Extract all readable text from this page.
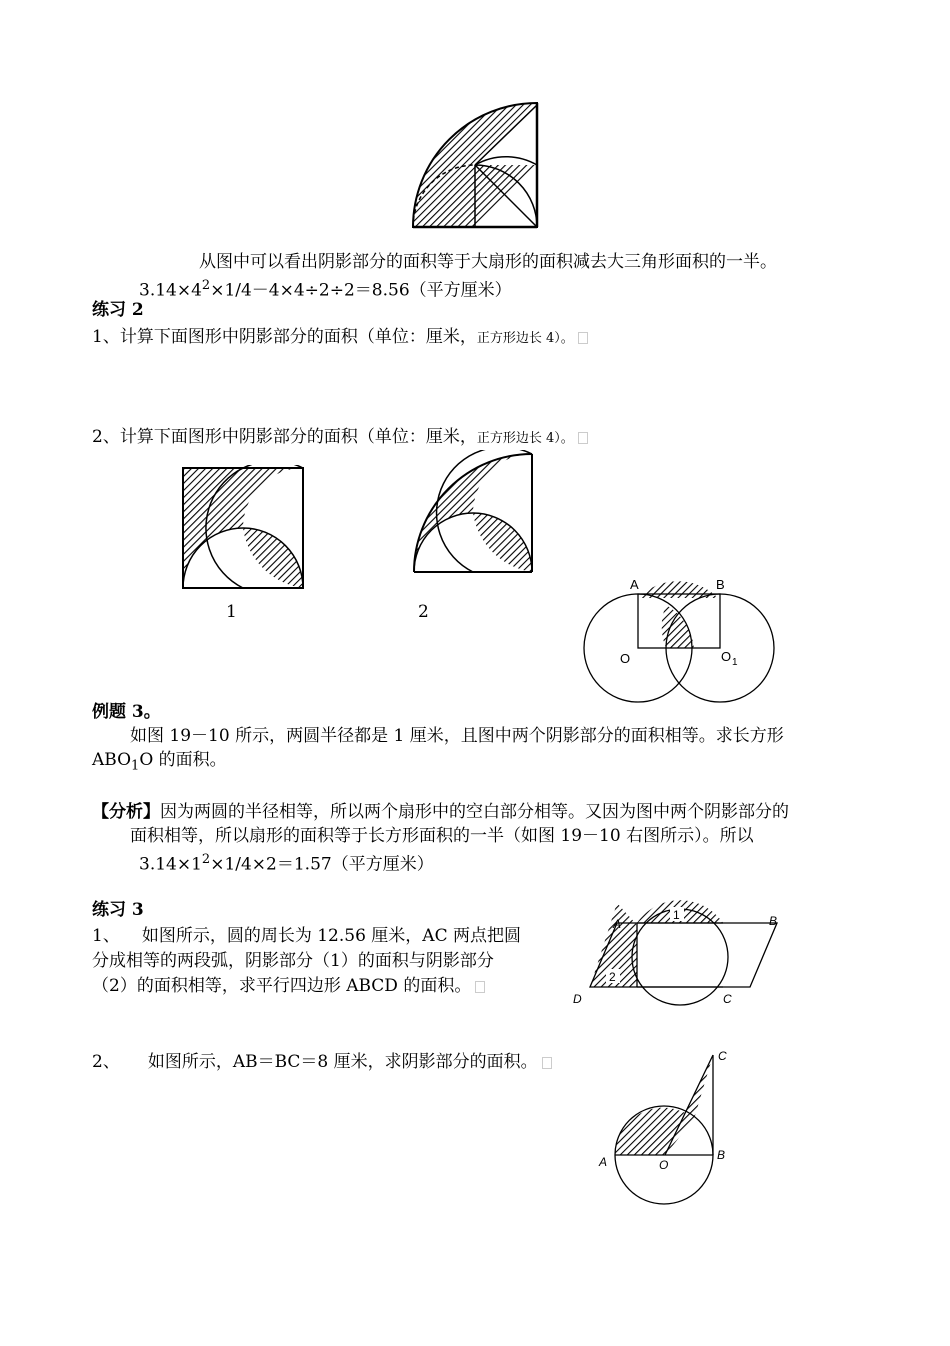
从图中可以看出阴影部分的面积等于大扇形的面积减去大三角形面积的一半。
$3.14\times 4^2\times 1/4-4\times 4\div 2\div 2=8.56$（平方厘米）
练习 2
1、计算下面图形中阴影部分的面积（单位：厘米，正方形边长 4）。
2、计算下面图形中阴影部分的面积（单位：厘米，正方形边长 4）。
1	2
A	B
O	O 1
例题 3。
如图 19－10 所示，两圆半径都是 1 厘米，且图中两个阴影部分的面积相等。求长方形
$ABO_1O$ 的面积。
【分析】因为两圆的半径相等，所以两个扇形中的空白部分相等。又因为图中两个阴影部分的
面积相等，所以扇形的面积等于长方形面积的一半（如图 19－10 右图所示）。所以
$3.14\times 1^2\times 1/4\times 2=1.57$（平方厘米）
练习 3
1、 如图所示，圆的周长为 12.56 厘米，AC 两点把圆
分成相等的两段弧，阴影部分（1）的面积与阴影部分
（2）的面积相等，求平行四边形 ABCD 的面积。
1
2
A	B
C
D
2、 如图所示，AB＝BC＝8 厘米，求阴影部分的面积。	C
B
A	O
